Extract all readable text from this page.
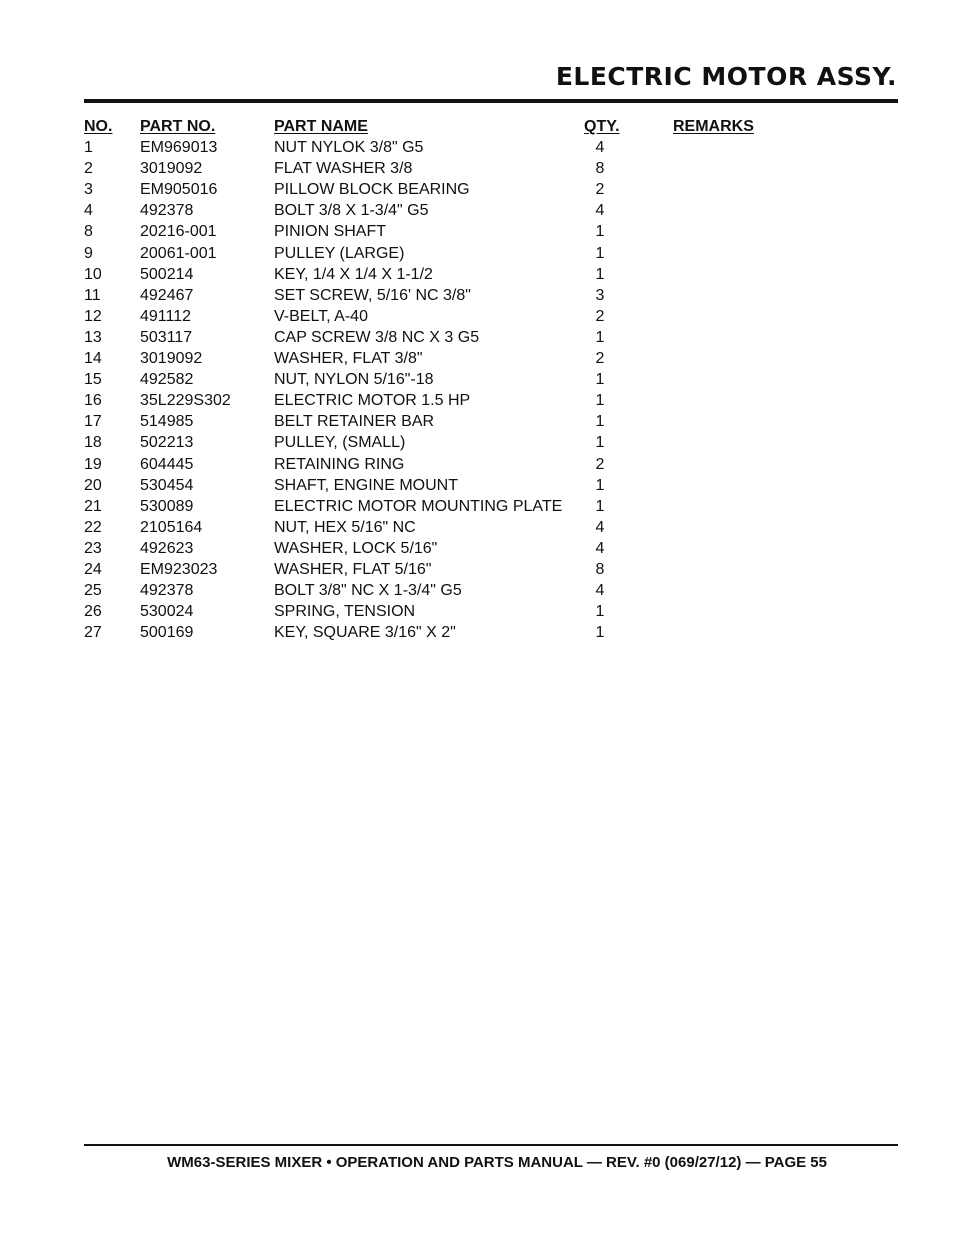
ELECTRIC MOTOR ASSY.
NO. PART NO.	PART NAME	QTY.	REMARKS
1	EM969013	NUT NYLOK 3/8" G5	4
2	3019092	FLAT WASHER 3/8	8
3	EM905016	PILLOW BLOCK BEARING	2
4	492378	BOLT 3/8 X 1-3/4" G5	4
8	20216-001	PINION SHAFT	1
9	20061-001	PULLEY (LARGE)	1
10 500214	KEY, 1/4 X 1/4 X 1-1/2	1
11 492467	SET SCREW, 5/16' NC 3/8"	3
12 491112	V-BELT, A-40	2
13 503117	CAP SCREW 3/8 NC X 3 G5	1
14 3019092	WASHER, FLAT 3/8"	2
15 492582	NUT, NYLON 5/16"-18	1
16 35L229S302	ELECTRIC MOTOR 1.5 HP	1
17 514985	BELT RETAINER BAR	1
18 502213	PULLEY, (SMALL)	1
19 604445	RETAINING RING	2
20 530454	SHAFT, ENGINE MOUNT	1
21 530089	ELECTRIC MOTOR MOUNTING PLATE	1
22 2105164	NUT, HEX 5/16" NC	4
23 492623	WASHER, LOCK 5/16"	4
24 EM923023	WASHER, FLAT 5/16"	8
25 492378	BOLT 3/8" NC X 1-3/4" G5	4
26 530024	SPRING, TENSION	1
27 500169	KEY, SQUARE 3/16" X 2"	1
WM63-SERIES MIXER • OPERATION AND PARTS MANUAL — REV. #0 (069/27/12) — PAGE 55
